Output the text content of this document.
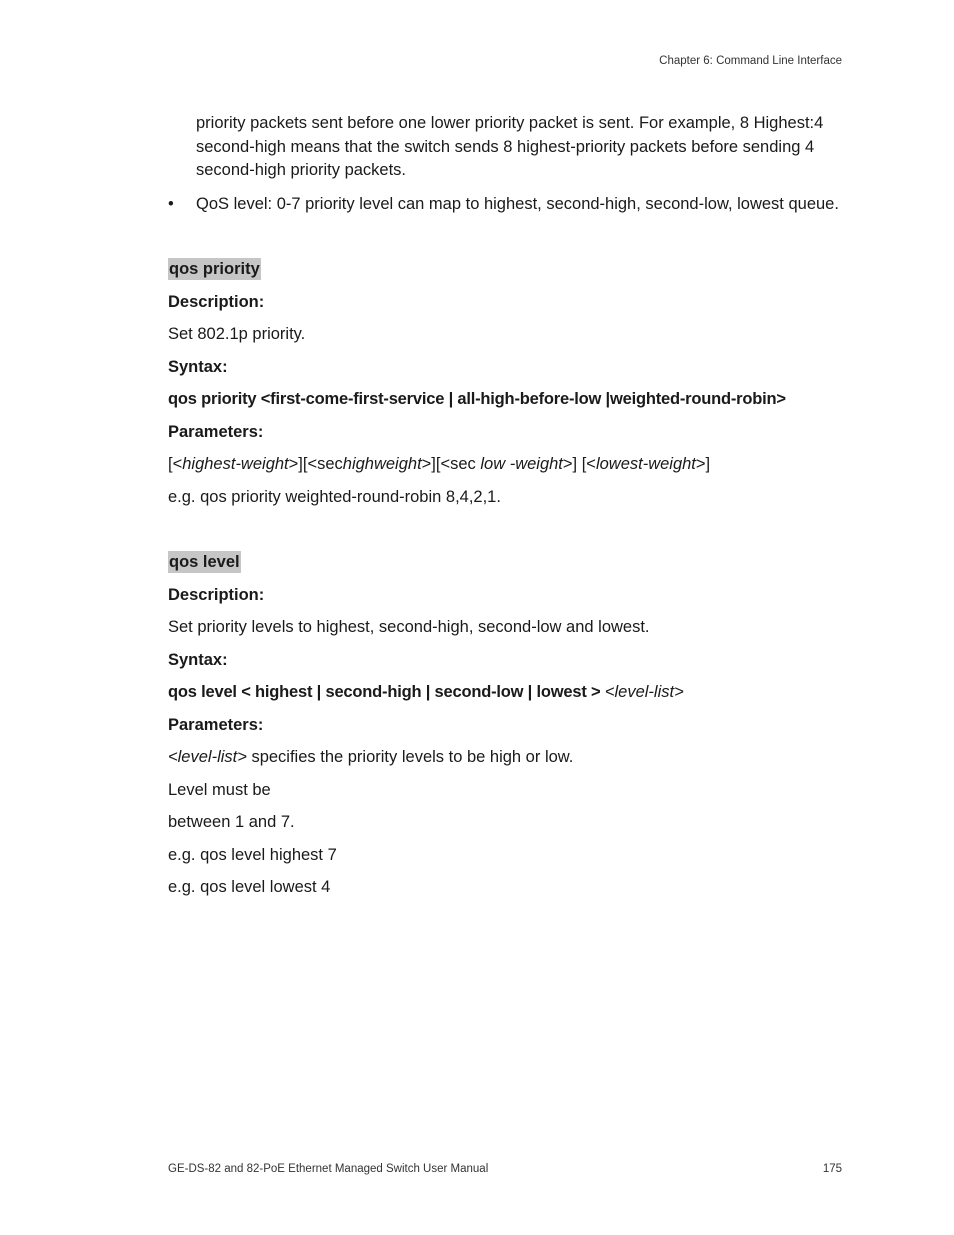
Chapter 6: Command Line Interface
priority packets sent before one lower priority packet is sent. For example, 8 Highest:4 second-high means that the switch sends 8 highest-priority packets before sending 4 second-high priority packets.
• QoS level: 0-7 priority level can map to highest, second-high, second-low, lowest queue.
qos priority
Description:
Set 802.1p priority.
Syntax:
qos priority <first-come-first-service | all-high-before-low |weighted-round-robin>
Parameters:
[<highest-weight>][<sechighweight>][<sec low -weight>] [<lowest-weight>]
e.g. qos priority weighted-round-robin 8,4,2,1.
qos level
Description:
Set priority levels to highest, second-high, second-low and lowest.
Syntax:
qos level < highest | second-high | second-low | lowest > <level-list>
Parameters:
<level-list> specifies the priority levels to be high or low.
Level must be
between 1 and 7.
e.g. qos level highest 7
e.g. qos level lowest 4
GE-DS-82 and 82-PoE Ethernet Managed Switch User Manual	175
